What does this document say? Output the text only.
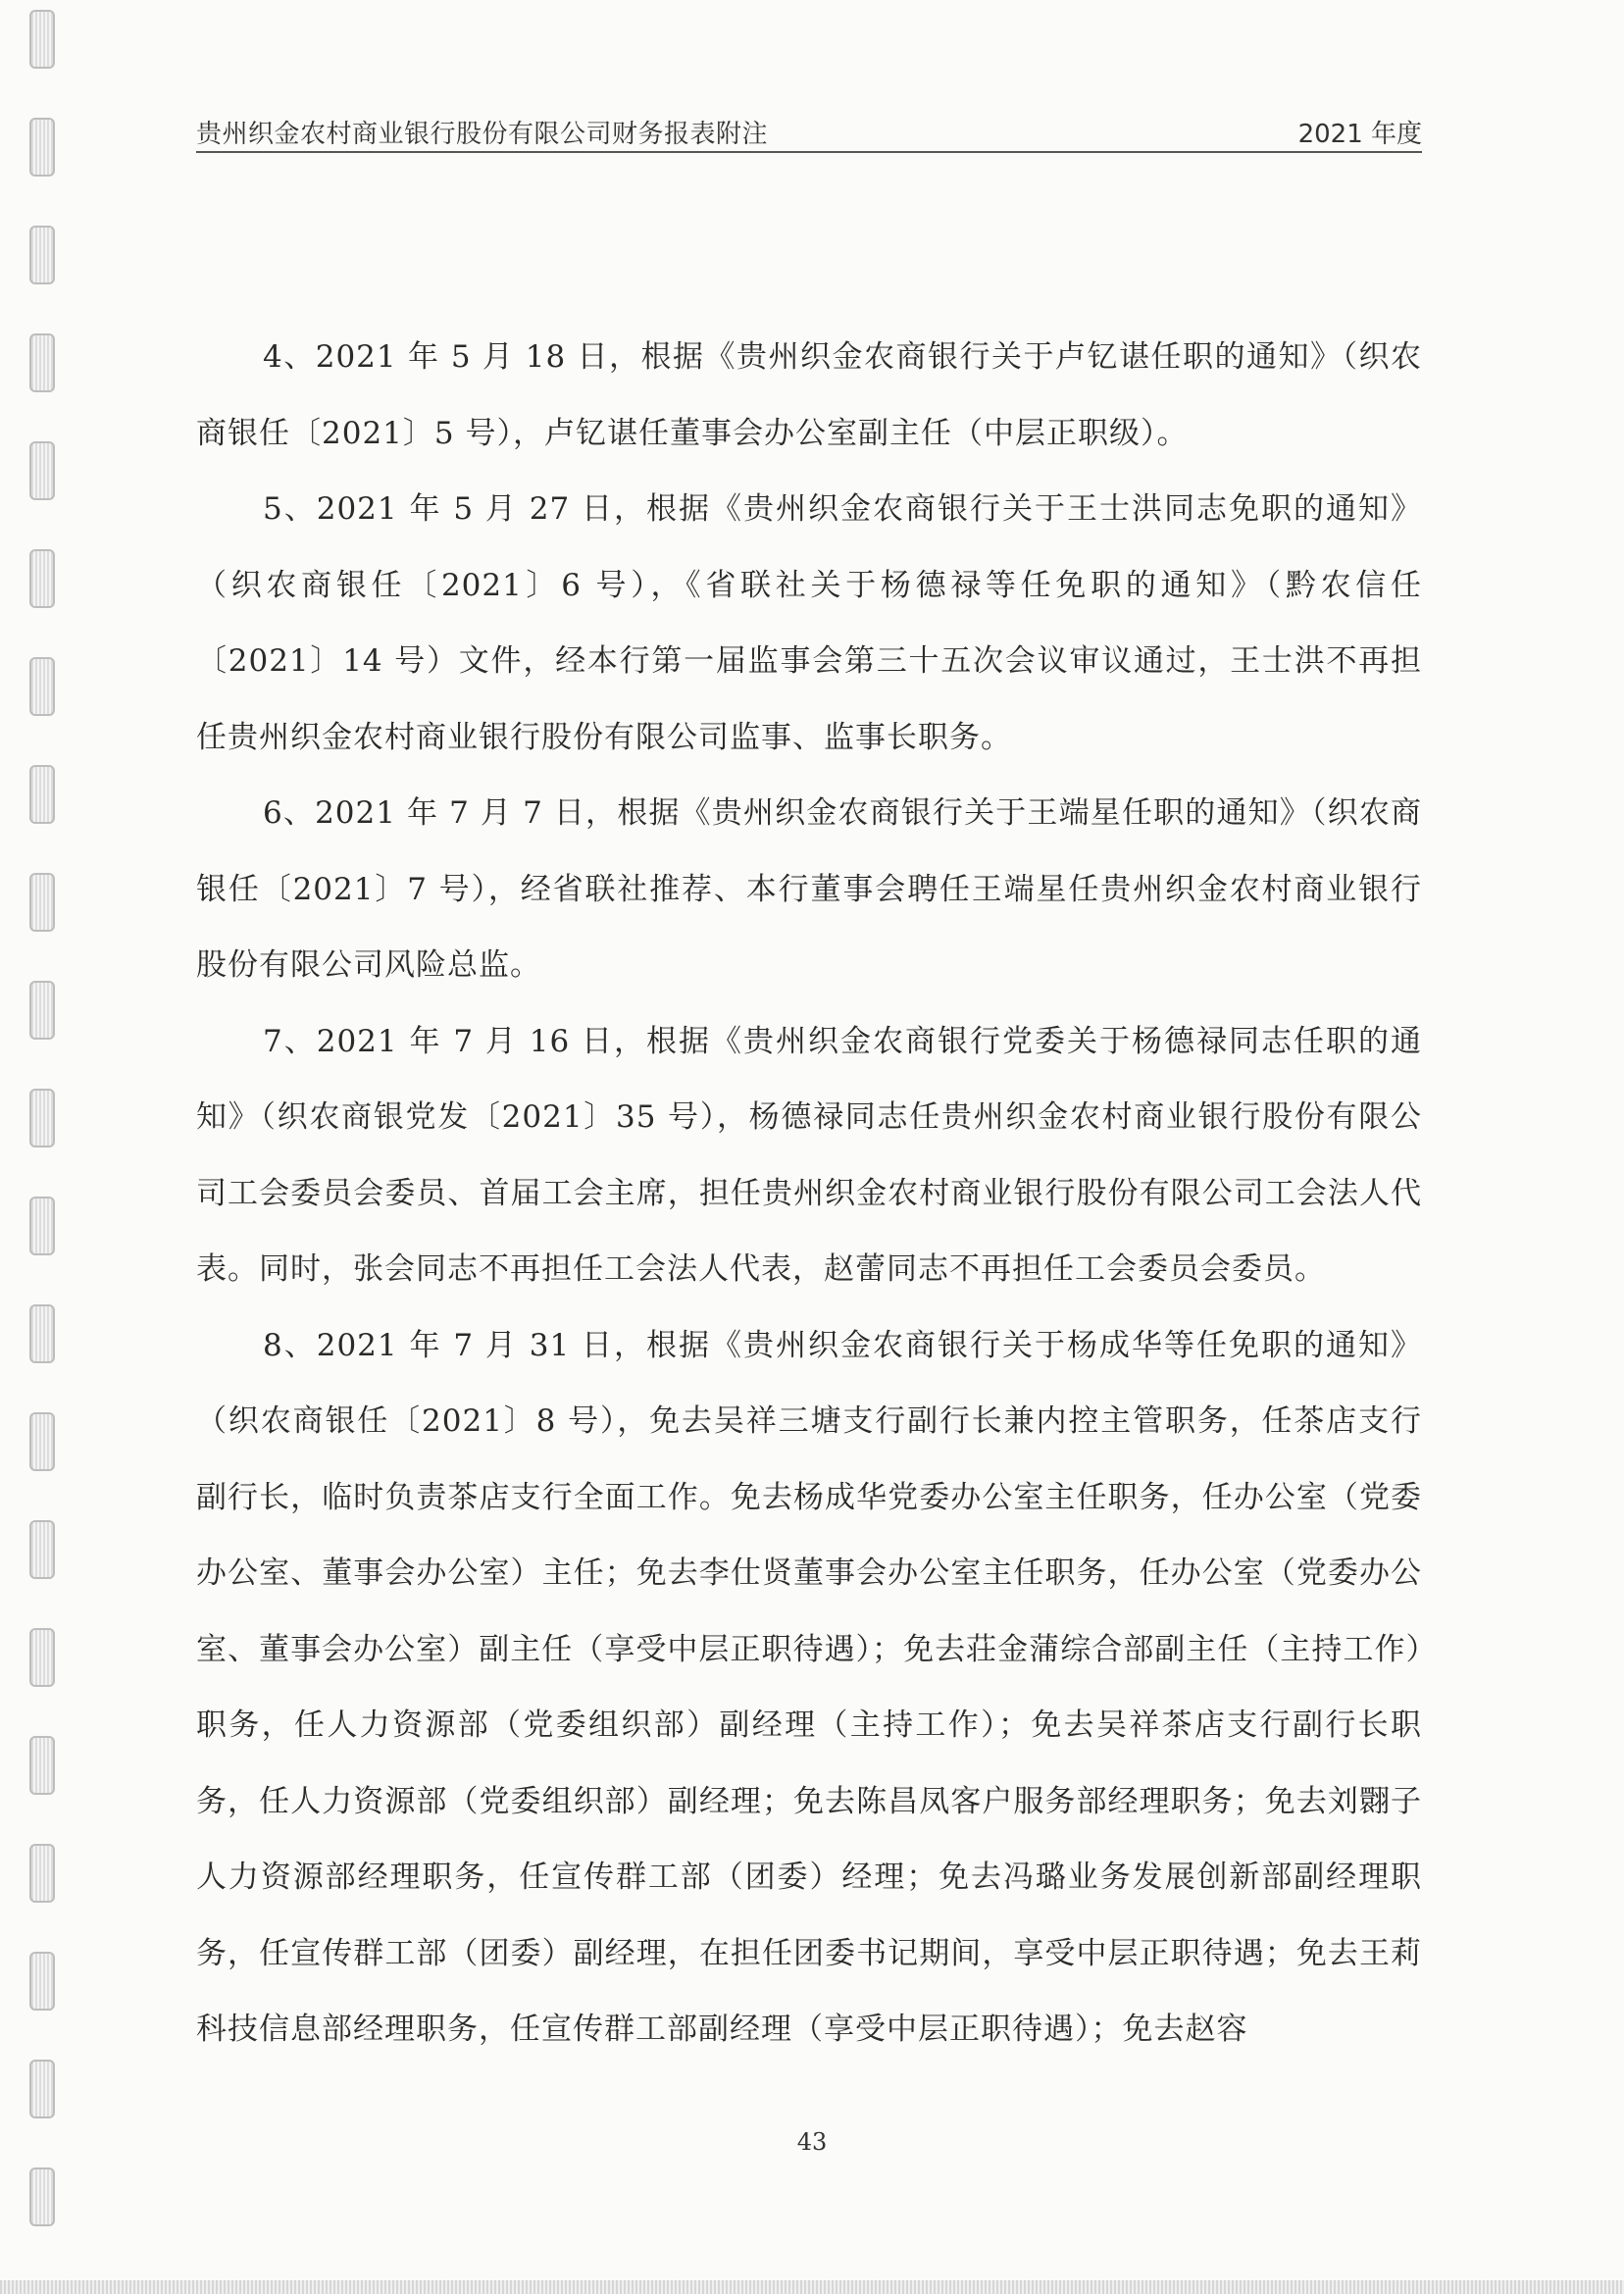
贵州织金农村商业银行股份有限公司财务报表附注	2021 年度

4、2021 年 5 月 18 日，根据《贵州织金农商银行关于卢钇谌任职的通知》（织农商银任〔2021〕5 号），卢钇谌任董事会办公室副主任（中层正职级）。

5、2021 年 5 月 27 日，根据《贵州织金农商银行关于王士洪同志免职的通知》（织农商银任〔2021〕6 号），《省联社关于杨德禄等任免职的通知》（黔农信任〔2021〕14 号）文件，经本行第一届监事会第三十五次会议审议通过，王士洪不再担任贵州织金农村商业银行股份有限公司监事、监事长职务。

6、2021 年 7 月 7 日，根据《贵州织金农商银行关于王端星任职的通知》（织农商银任〔2021〕7 号），经省联社推荐、本行董事会聘任王端星任贵州织金农村商业银行股份有限公司风险总监。

7、2021 年 7 月 16 日，根据《贵州织金农商银行党委关于杨德禄同志任职的通知》（织农商银党发〔2021〕35 号），杨德禄同志任贵州织金农村商业银行股份有限公司工会委员会委员、首届工会主席，担任贵州织金农村商业银行股份有限公司工会法人代表。同时，张会同志不再担任工会法人代表，赵蕾同志不再担任工会委员会委员。

8、2021 年 7 月 31 日，根据《贵州织金农商银行关于杨成华等任免职的通知》（织农商银任〔2021〕8 号），免去吴祥三塘支行副行长兼内控主管职务，任茶店支行副行长，临时负责茶店支行全面工作。免去杨成华党委办公室主任职务，任办公室（党委办公室、董事会办公室）主任；免去李仕贤董事会办公室主任职务，任办公室（党委办公室、董事会办公室）副主任（享受中层正职待遇）；免去荘金蒲综合部副主任（主持工作）职务，任人力资源部（党委组织部）副经理（主持工作）；免去吴祥茶店支行副行长职务，任人力资源部（党委组织部）副经理；免去陈昌凤客户服务部经理职务；免去刘翾子人力资源部经理职务，任宣传群工部（团委）经理；免去冯璐业务发展创新部副经理职务，任宣传群工部（团委）副经理，在担任团委书记期间，享受中层正职待遇；免去王莉科技信息部经理职务，任宣传群工部副经理（享受中层正职待遇）；免去赵容

43
